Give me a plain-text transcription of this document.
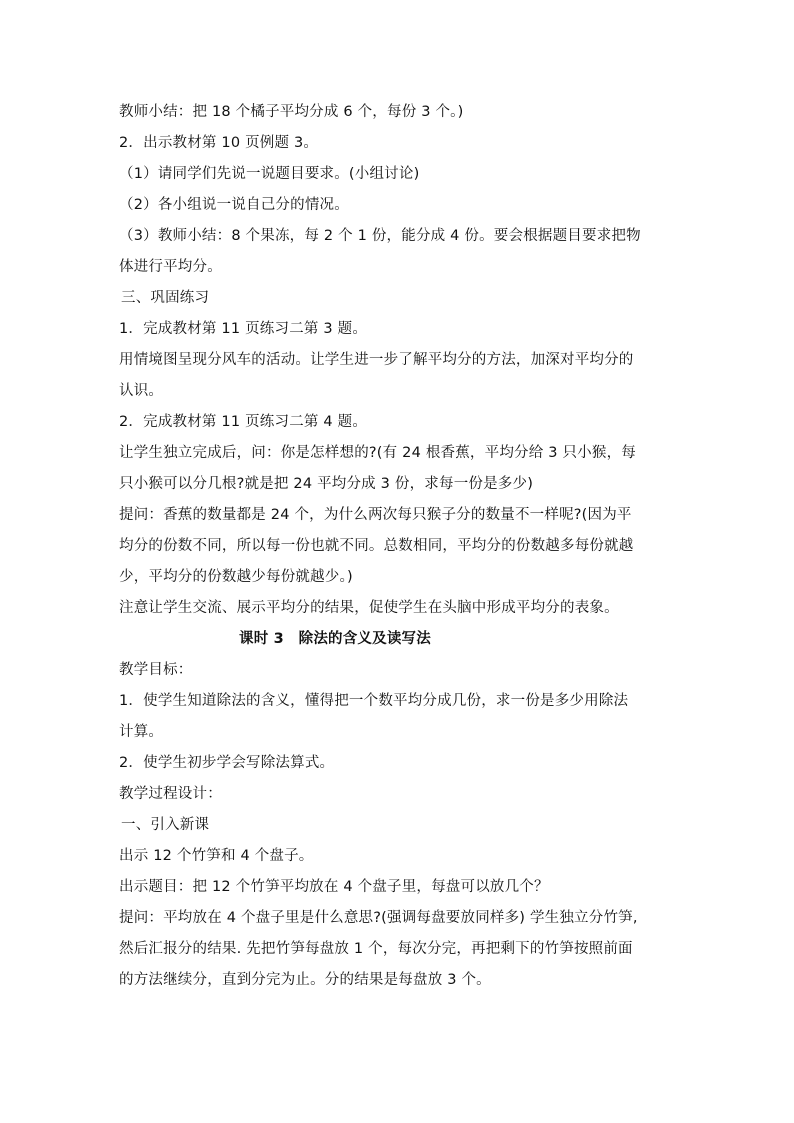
教师小结：把 18 个橘子平均分成 6 个，每份 3 个。)
2．出示教材第 10 页例题 3。
（1）请同学们先说一说题目要求。(小组讨论)
（2）各小组说一说自己分的情况。
（3）教师小结：8 个果冻，每 2 个 1 份，能分成 4 份。要会根据题目要求把物
体进行平均分。
三、巩固练习
1．完成教材第 11 页练习二第 3 题。
用情境图呈现分风车的活动。让学生进一步了解平均分的方法，加深对平均分的
认识。
2．完成教材第 11 页练习二第 4 题。
让学生独立完成后，问：你是怎样想的?(有 24 根香蕉，平均分给 3 只小猴，每
只小猴可以分几根?就是把 24 平均分成 3 份，求每一份是多少)
提问：香蕉的数量都是 24 个，为什么两次每只猴子分的数量不一样呢?(因为平
均分的份数不同，所以每一份也就不同。总数相同，平均分的份数越多每份就越
少，平均分的份数越少每份就越少。)
注意让学生交流、展示平均分的结果，促使学生在头脑中形成平均分的表象。
课时 3　除法的含义及读写法
教学目标：
1．使学生知道除法的含义，懂得把一个数平均分成几份，求一份是多少用除法
计算。
2．使学生初步学会写除法算式。
教学过程设计：
一、引入新课
出示 12 个竹笋和 4 个盘子。
出示题目：把 12 个竹笋平均放在 4 个盘子里，每盘可以放几个？
提问：平均放在 4 个盘子里是什么意思?(强调每盘要放同样多) 学生独立分竹笋,
然后汇报分的结果. 先把竹笋每盘放 1 个，每次分完，再把剩下的竹笋按照前面
的方法继续分，直到分完为止。分的结果是每盘放 3 个。
